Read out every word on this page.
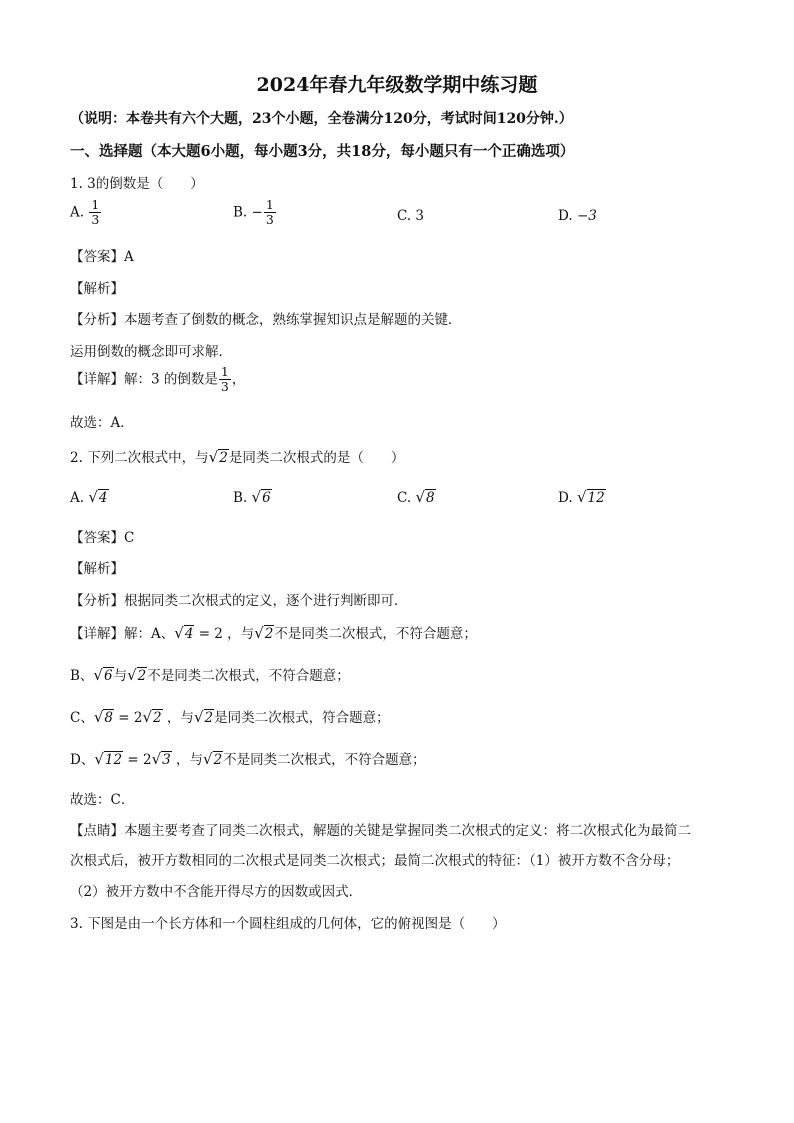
2024年春九年级数学期中练习题
（说明：本卷共有六个大题，23个小题，全卷满分120分，考试时间120分钟.）
一、选择题（本大题6小题，每小题3分，共18分，每小题只有一个正确选项）
1. 3的倒数是（　　）
A. $\frac{1}{3}$	B. − $\frac{1}{3}$	C. 3	D. −3
【答案】A
【解析】
【分析】本题考查了倒数的概念，熟练掌握知识点是解题的关键．
运用倒数的概念即可求解．
【详解】解：3 的倒数是 $\frac{1}{3}$ ，
故选：A．
2. 下列二次根式中，与√2是同类二次根式的是（　　）
A. √4	B. √6	C. √8	D. √12
【答案】C
【解析】
【分析】根据同类二次根式的定义，逐个进行判断即可．
【详解】解：A、√4 = 2 ，与√2不是同类二次根式，不符合题意；
B、√6与√2不是同类二次根式，不符合题意；
C、√8 = 2√2 ，与√2是同类二次根式，符合题意；
D、√12 = 2√3 ，与√2不是同类二次根式，不符合题意；
故选：C．
【点睛】本题主要考查了同类二次根式，解题的关键是掌握同类二次根式的定义：将二次根式化为最简二
次根式后，被开方数相同的二次根式是同类二次根式；最简二次根式的特征：（1）被开方数不含分母；
（2）被开方数中不含能开得尽方的因数或因式．
3. 下图是由一个长方体和一个圆柱组成的几何体，它的俯视图是（　　）
